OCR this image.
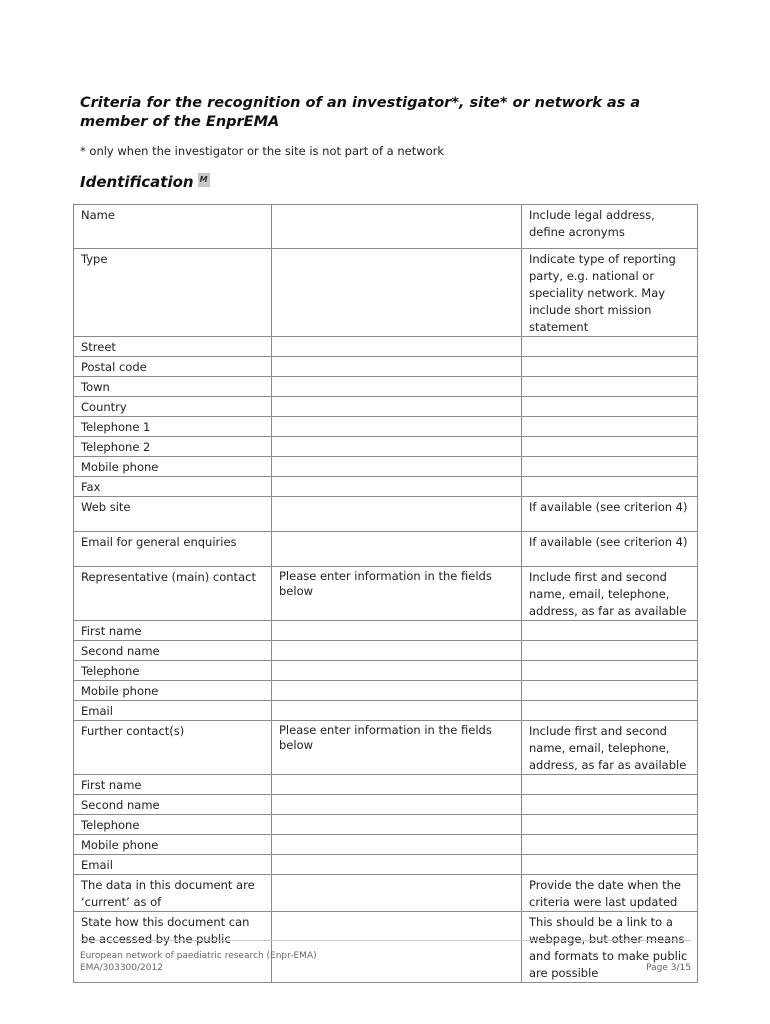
Criteria for the recognition of an investigator*, site* or network as a member of the EnprEMA
* only when the investigator or the site is not part of a network
Identification M
Name		Include legal address, define acronyms
Type		Indicate type of reporting party, e.g. national or speciality network. May include short mission statement
Street		
Postal code		
Town		
Country		
Telephone 1		
Telephone 2		
Mobile phone		
Fax		
Web site		If available (see criterion 4)
Email for general enquiries		If available (see criterion 4)
Representative (main) contact	Please enter information in the fields below	Include first and second name, email, telephone, address, as far as available
First name		
Second name		
Telephone		
Mobile phone		
Email		
Further contact(s)	Please enter information in the fields below	Include first and second name, email, telephone, address, as far as available
First name		
Second name		
Telephone		
Mobile phone		
Email		
The data in this document are ‘current’ as of		Provide the date when the criteria were last updated
State how this document can be accessed by the public		This should be a link to a webpage, but other means and formats to make public are possible
European network of paediatric research (Enpr-EMA)
EMA/303300/2012	Page 3/15
